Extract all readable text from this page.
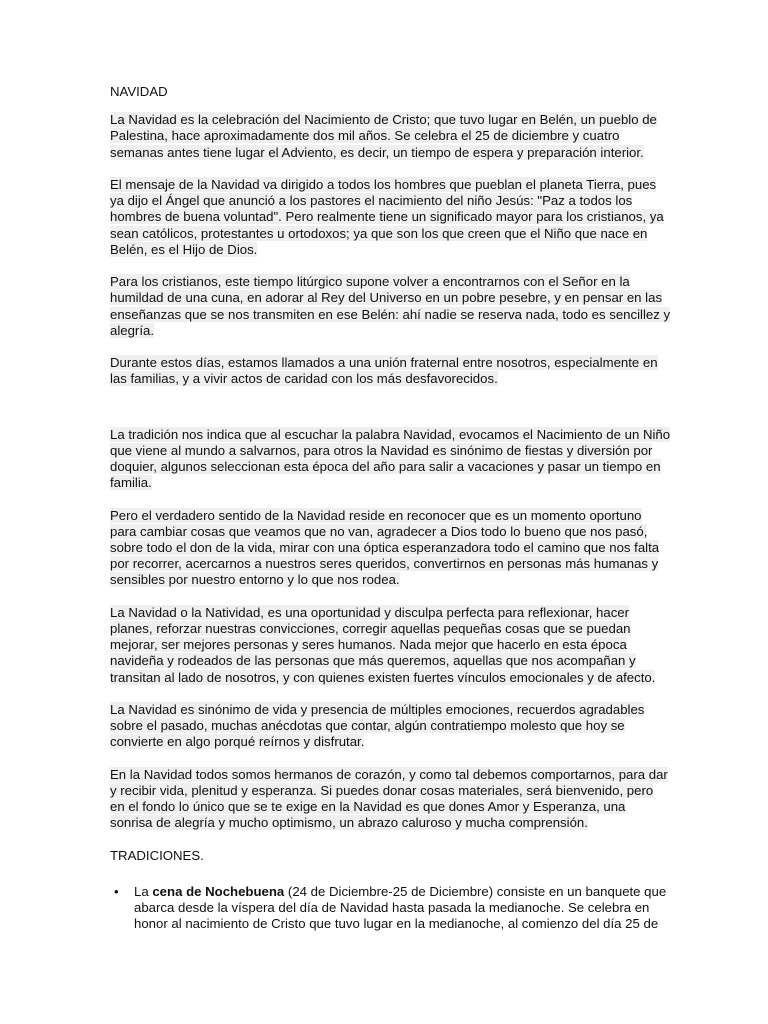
NAVIDAD
La Navidad es la celebración del Nacimiento de Cristo; que tuvo lugar en Belén, un pueblo de
Palestina, hace aproximadamente dos mil años. Se celebra el 25 de diciembre y cuatro
semanas antes tiene lugar el Adviento, es decir, un tiempo de espera y preparación interior.
El mensaje de la Navidad va dirigido a todos los hombres que pueblan el planeta Tierra, pues
ya dijo el Ángel que anunció a los pastores el nacimiento del niño Jesús: "Paz a todos los
hombres de buena voluntad". Pero realmente tiene un significado mayor para los cristianos, ya
sean católicos, protestantes u ortodoxos; ya que son los que creen que el Niño que nace en
Belén, es el Hijo de Dios.
Para los cristianos, este tiempo litúrgico supone volver a encontrarnos con el Señor en la
humildad de una cuna, en adorar al Rey del Universo en un pobre pesebre, y en pensar en las
enseñanzas que se nos transmiten en ese Belén: ahí nadie se reserva nada, todo es sencillez y
alegría.
Durante estos días, estamos llamados a una unión fraternal entre nosotros, especialmente en
las familias, y a vivir actos de caridad con los más desfavorecidos.
La tradición nos indica que al escuchar la palabra Navidad, evocamos el Nacimiento de un Niño
que viene al mundo a salvarnos, para otros la Navidad es sinónimo de fiestas y diversión por
doquier, algunos seleccionan esta época del año para salir a vacaciones y pasar un tiempo en
familia.
Pero el verdadero sentido de la Navidad reside en reconocer que es un momento oportuno
para cambiar cosas que veamos que no van, agradecer a Dios todo lo bueno que nos pasó,
sobre todo el don de la vida, mirar con una óptica esperanzadora todo el camino que nos falta
por recorrer, acercarnos a nuestros seres queridos, convertirnos en personas más humanas y
sensibles por nuestro entorno y lo que nos rodea.
La Navidad o la Natividad, es una oportunidad y disculpa perfecta para reflexionar, hacer
planes, reforzar nuestras convicciones, corregir aquellas pequeñas cosas que se puedan
mejorar, ser mejores personas y seres humanos. Nada mejor que hacerlo en esta época
navideña y rodeados de las personas que más queremos, aquellas que nos acompañan y
transitan al lado de nosotros, y con quienes existen fuertes vínculos emocionales y de afecto.
La Navidad es sinónimo de vida y presencia de múltiples emociones, recuerdos agradables
sobre el pasado, muchas anécdotas que contar, algún contratiempo molesto que hoy se
convierte en algo porqué reírnos y disfrutar.
En la Navidad todos somos hermanos de corazón, y como tal debemos comportarnos, para dar
y recibir vida, plenitud y esperanza. Si puedes donar cosas materiales, será bienvenido, pero
en el fondo lo único que se te exige en la Navidad es que dones Amor y Esperanza, una
sonrisa de alegría y mucho optimismo, un abrazo caluroso y mucha comprensión.
TRADICIONES.
• La cena de Nochebuena (24 de Diciembre-25 de Diciembre) consiste en un banquete que
abarca desde la víspera del día de Navidad hasta pasada la medianoche. Se celebra en
honor al nacimiento de Cristo que tuvo lugar en la medianoche, al comienzo del día 25 de
